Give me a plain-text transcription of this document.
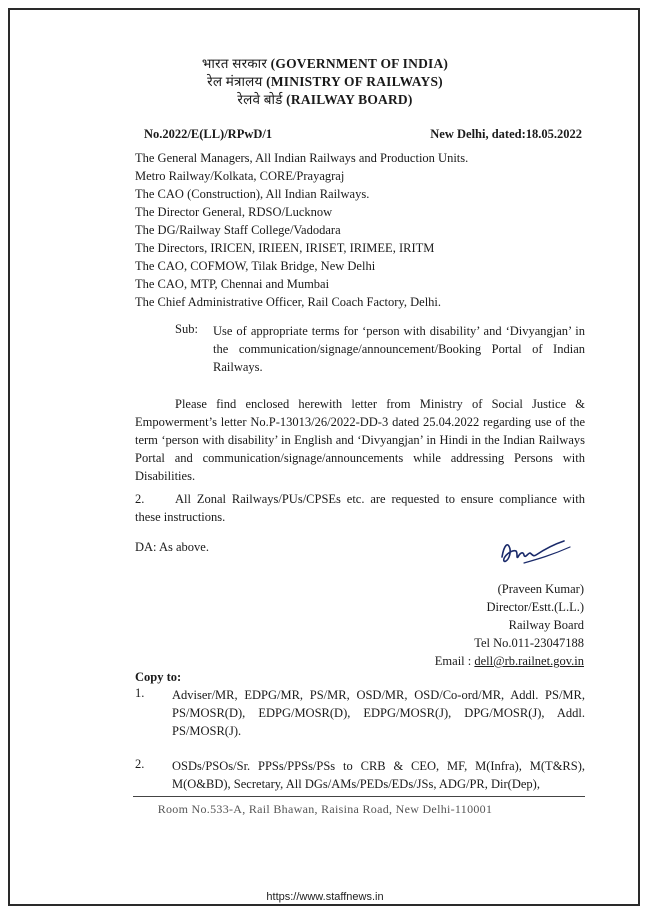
भारत सरकार (GOVERNMENT OF INDIA)
रेल मंत्रालय (MINISTRY OF RAILWAYS)
रेलवे बोर्ड (RAILWAY BOARD)
No.2022/E(LL)/RPwD/1	New Delhi, dated:18.05.2022
The General Managers, All Indian Railways and Production Units.
Metro Railway/Kolkata, CORE/Prayagraj
The CAO (Construction), All Indian Railways.
The Director General, RDSO/Lucknow
The DG/Railway Staff College/Vadodara
The Directors, IRICEN, IRIEEN, IRISET, IRIMEE, IRITM
The CAO, COFMOW, Tilak Bridge, New Delhi
The CAO, MTP, Chennai and Mumbai
The Chief Administrative Officer, Rail Coach Factory, Delhi.
Sub: Use of appropriate terms for ‘person with disability’ and ‘Divyangjan’ in the communication/signage/announcement/Booking Portal of Indian Railways.
Please find enclosed herewith letter from Ministry of Social Justice & Empowerment’s letter No.P-13013/26/2022-DD-3 dated 25.04.2022 regarding use of the term ‘person with disability’ in English and ‘Divyangjan’ in Hindi in the Indian Railways Portal and communication/signage/announcements while addressing Persons with Disabilities.
2. All Zonal Railways/PUs/CPSEs etc. are requested to ensure compliance with these instructions.
DA: As above.
(Praveen Kumar)
Director/Estt.(L.L.)
Railway Board
Tel No.011-23047188
Email : dell@rb.railnet.gov.in
Copy to:
1. Adviser/MR, EDPG/MR, PS/MR, OSD/MR, OSD/Co-ord/MR, Addl. PS/MR, PS/MOSR(D), EDPG/MOSR(D), EDPG/MOSR(J), DPG/MOSR(J), Addl. PS/MOSR(J).
2. OSDs/PSOs/Sr. PPSs/PPSs/PSs to CRB & CEO, MF, M(Infra), M(T&RS), M(O&BD), Secretary, All DGs/AMs/PEDs/EDs/JSs, ADG/PR, Dir(Dep),
Room No.533-A, Rail Bhawan, Raisina Road, New Delhi-110001
https://www.staffnews.in
